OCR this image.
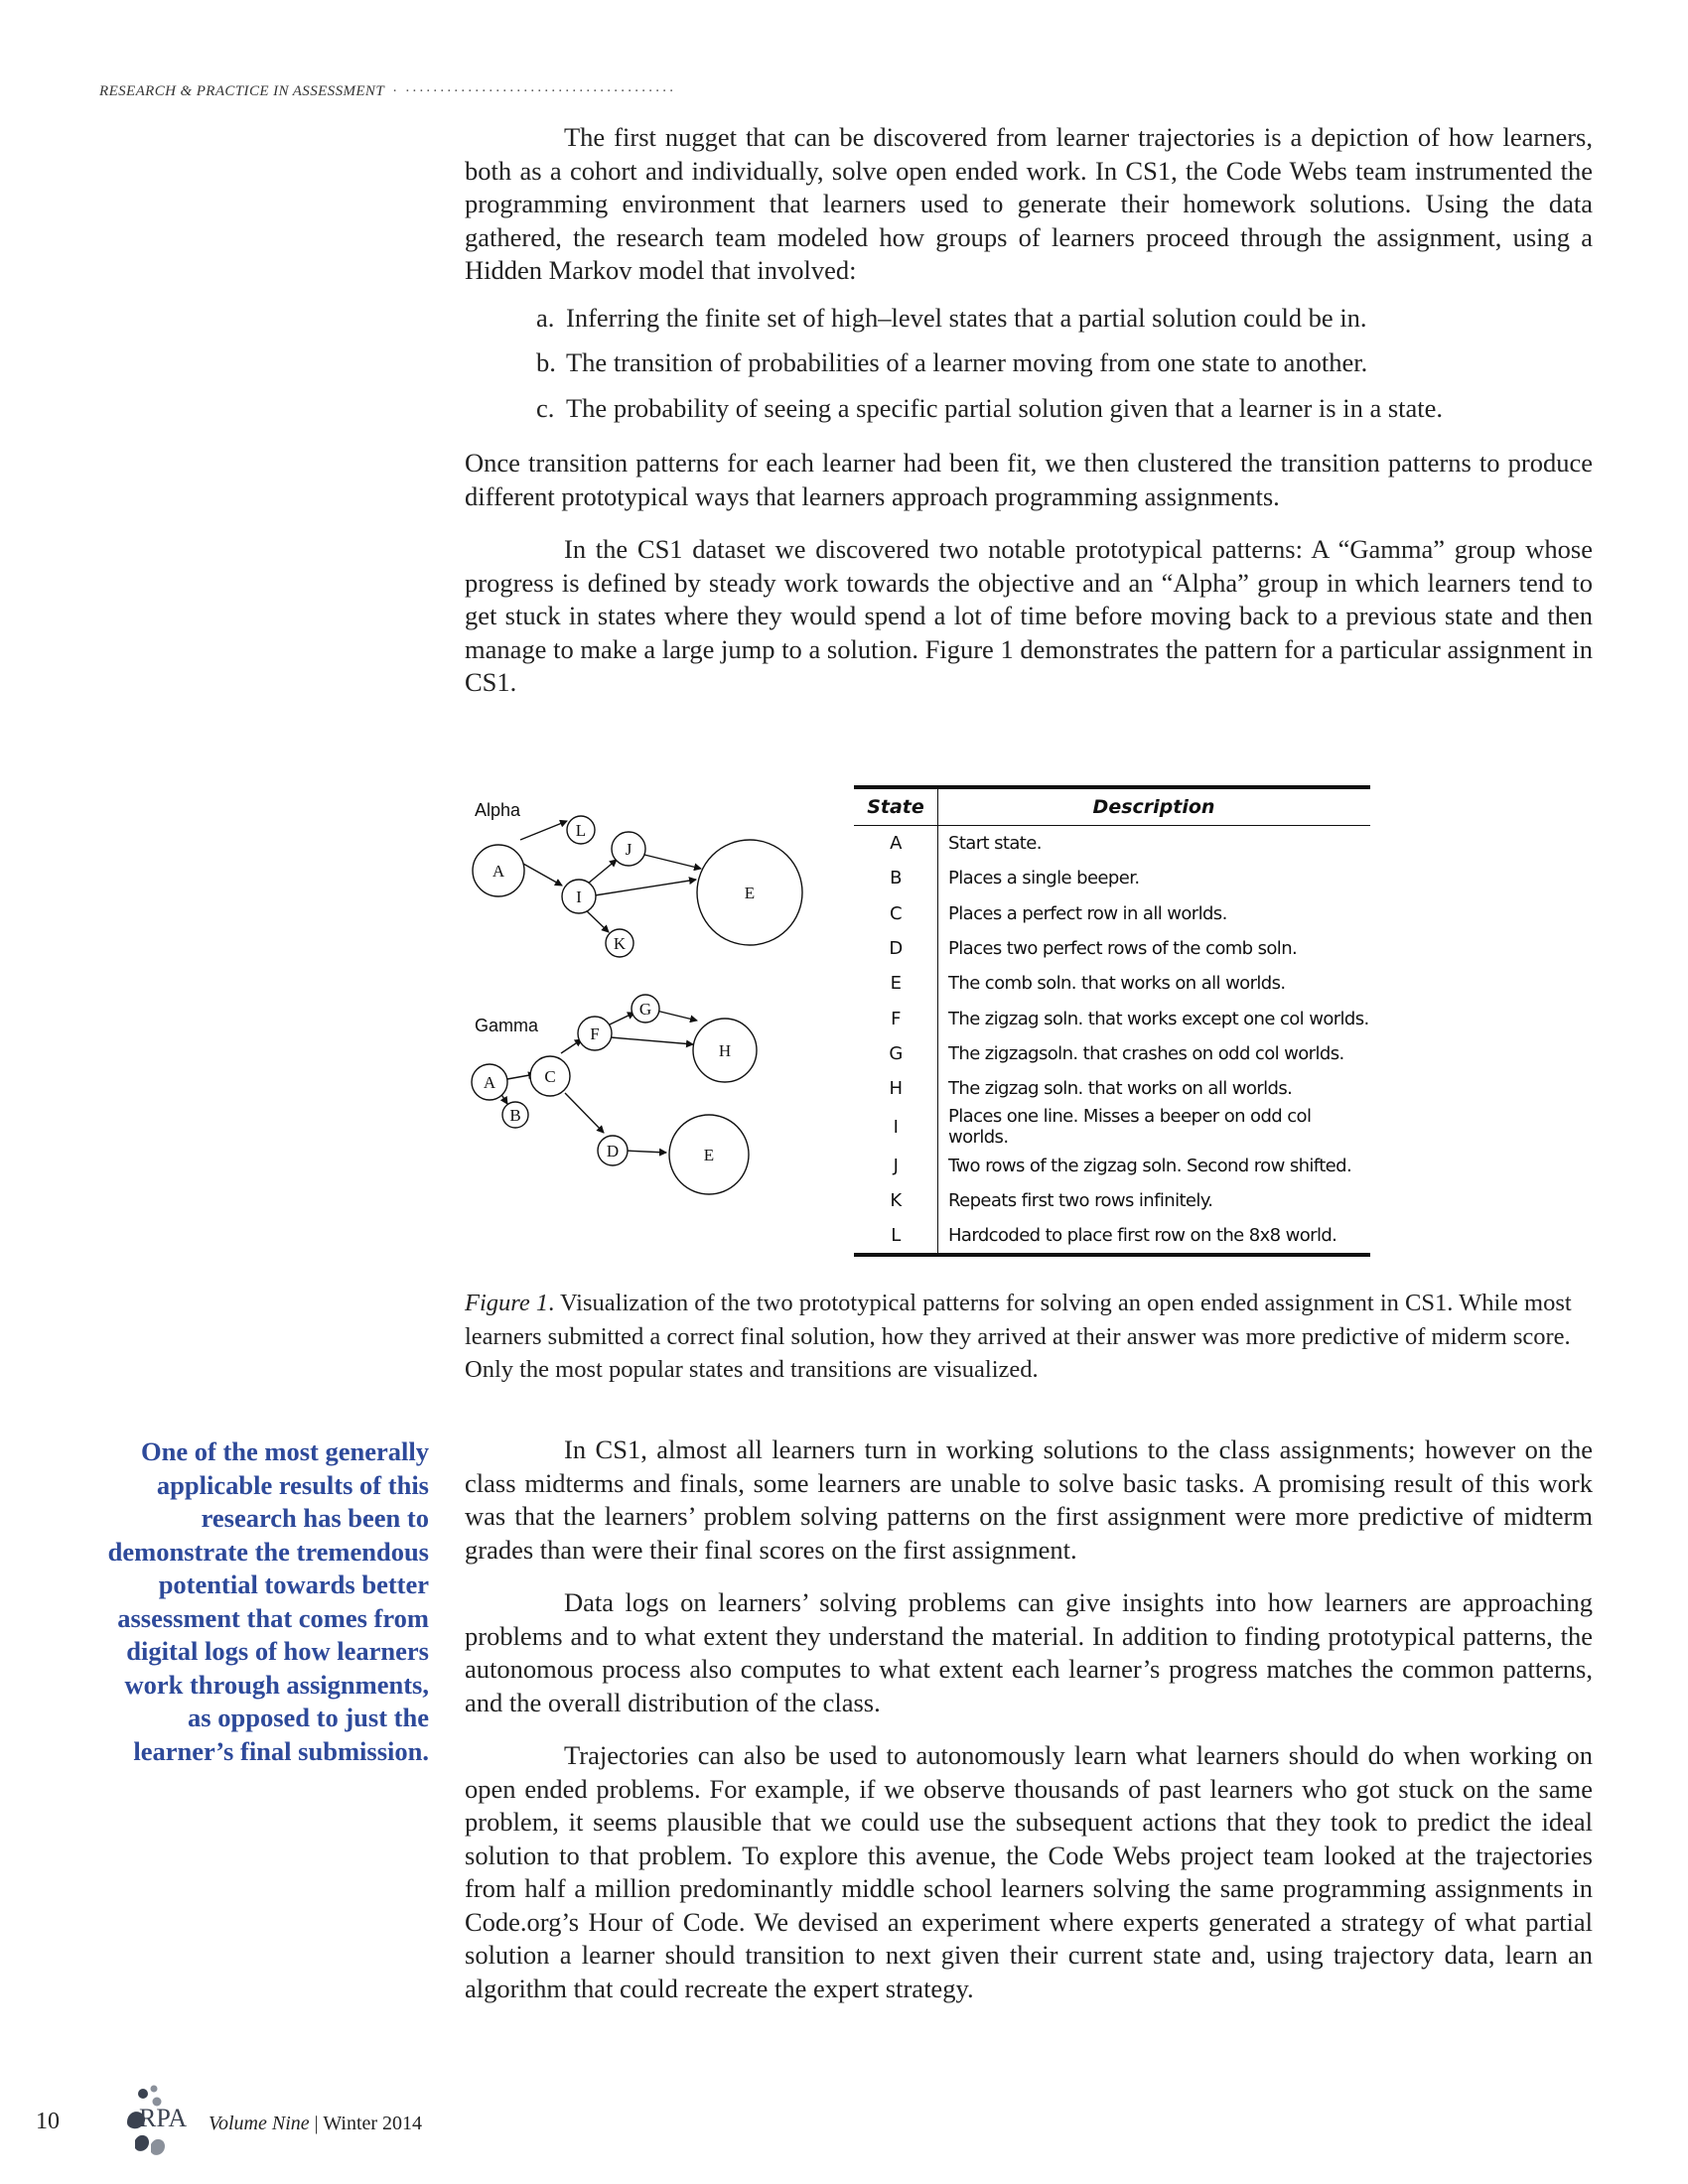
RESEARCH & PRACTICE IN ASSESSMENT · ·······································

The first nugget that can be discovered from learner trajectories is a depiction of how learners, both as a cohort and individually, solve open ended work. In CS1, the Code Webs team instrumented the programming environment that learners used to generate their homework solutions. Using the data gathered, the research team modeled how groups of learners proceed through the assignment, using a Hidden Markov model that involved:

a. Inferring the finite set of high–level states that a partial solution could be in.
b. The transition of probabilities of a learner moving from one state to another.
c. The probability of seeing a specific partial solution given that a learner is in a state.

Once transition patterns for each learner had been fit, we then clustered the transition patterns to produce different prototypical ways that learners approach programming assignments.

In the CS1 dataset we discovered two notable prototypical patterns: A “Gamma” group whose progress is defined by steady work towards the objective and an “Alpha” group in which learners tend to get stuck in states where they would spend a lot of time before moving back to a previous state and then manage to make a large jump to a solution. Figure 1 demonstrates the pattern for a particular assignment in CS1.

Alpha
Gamma
L
A
J
I	E
K
G
F
H
A	C
B
D	E
State	Description
A	Start state.
B	Places a single beeper.
C	Places a perfect row in all worlds.
D	Places two perfect rows of the comb soln.
E	The comb soln. that works on all worlds.
F	The zigzag soln. that works except one col worlds.
G	The zigzagsoln. that crashes on odd col worlds.
H	The zigzag soln. that works on all worlds.
I	Places one line. Misses a beeper on odd col worlds.
J	Two rows of the zigzag soln. Second row shifted.
K	Repeats first two rows infinitely.
L	Hardcoded to place first row on the 8x8 world.
Figure 1. Visualization of the two prototypical patterns for solving an open ended assignment in CS1. While most learners submitted a correct final solution, how they arrived at their answer was more predictive of miderm score. Only the most popular states and transitions are visualized.
One of the most generally applicable results of this research has been to demonstrate the tremendous potential towards better assessment that comes from digital logs of how learners work through assignments, as opposed to just the learner’s final submission.

In CS1, almost all learners turn in working solutions to the class assignments; however on the class midterms and finals, some learners are unable to solve basic tasks. A promising result of this work was that the learners’ problem solving patterns on the first assignment were more predictive of midterm grades than were their final scores on the first assignment.

Data logs on learners’ solving problems can give insights into how learners are approaching problems and to what extent they understand the material. In addition to finding prototypical patterns, the autonomous process also computes to what extent each learner’s progress matches the common patterns, and the overall distribution of the class.

Trajectories can also be used to autonomously learn what learners should do when working on open ended problems. For example, if we observe thousands of past learners who got stuck on the same problem, it seems plausible that we could use the subsequent actions that they took to predict the ideal solution to that problem. To explore this avenue, the Code Webs project team looked at the trajectories from half a million predominantly middle school learners solving the same programming assignments in Code.org’s Hour of Code. We devised an experiment where experts generated a strategy of what partial solution a learner should transition to next given their current state and, using trajectory data, learn an algorithm that could recreate the expert strategy.

10	RPA Volume Nine | Winter 2014
